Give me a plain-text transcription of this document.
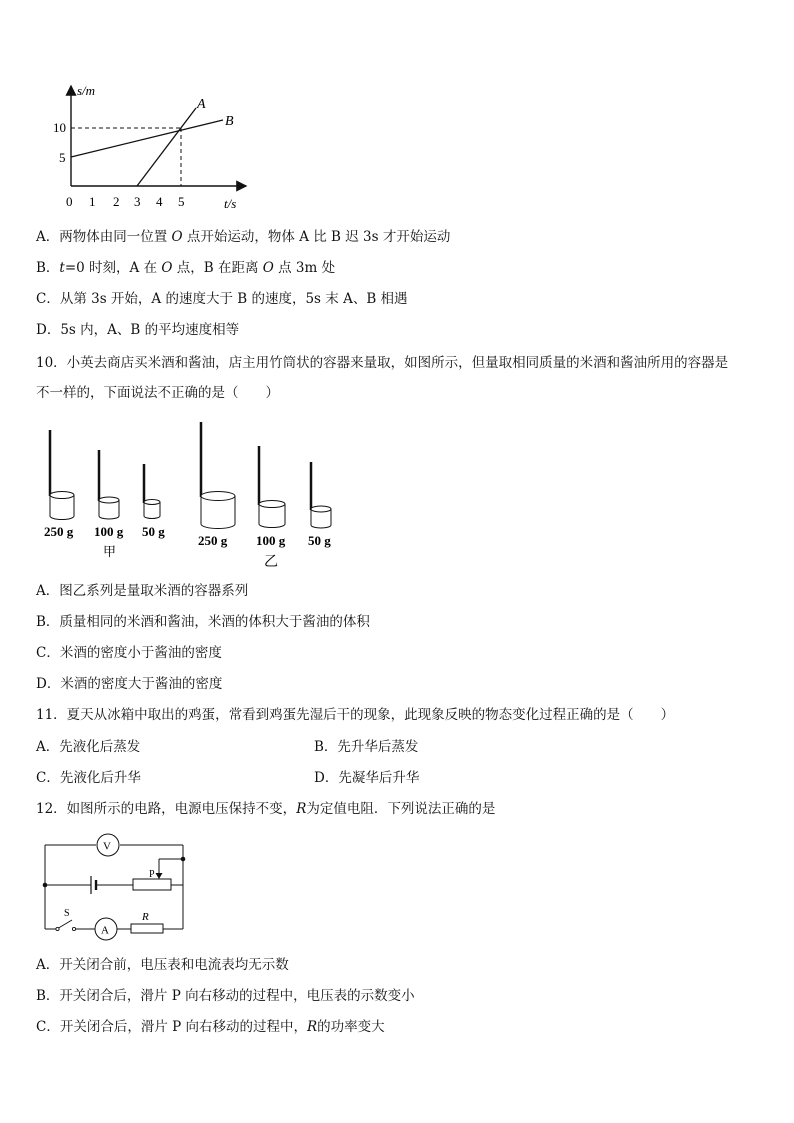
s/m
t/s
10
5
0 1 2 3 4 5
A
B
A．两物体由同一位置 O 点开始运动，物体 A 比 B 迟 3s 才开始运动
B．t=0 时刻，A 在 O 点，B 在距离 O 点 3m 处
C．从第 3s 开始，A 的速度大于 B 的速度，5s 末 A、B 相遇
D．5s 内，A、B 的平均速度相等
10．小英去商店买米酒和酱油，店主用竹筒状的容器来量取，如图所示，但量取相同质量的米酒和酱油所用的容器是
不一样的，下面说法不正确的是（　　）
250 g 100 g 50 g
甲
250 g 100 g 50 g
乙
A．图乙系列是量取米酒的容器系列
B．质量相同的米酒和酱油，米酒的体积大于酱油的体积
C．米酒的密度小于酱油的密度
D．米酒的密度大于酱油的密度
11．夏天从冰箱中取出的鸡蛋，常看到鸡蛋先湿后干的现象，此现象反映的物态变化过程正确的是（　　）
A．先液化后蒸发	B．先升华后蒸发
C．先液化后升华	D．先凝华后升华
12．如图所示的电路，电源电压保持不变，R为定值电阻．下列说法正确的是
V
P
S
A
R
A．开关闭合前，电压表和电流表均无示数
B．开关闭合后，滑片 P 向右移动的过程中，电压表的示数变小
C．开关闭合后，滑片 P 向右移动的过程中，R的功率变大
